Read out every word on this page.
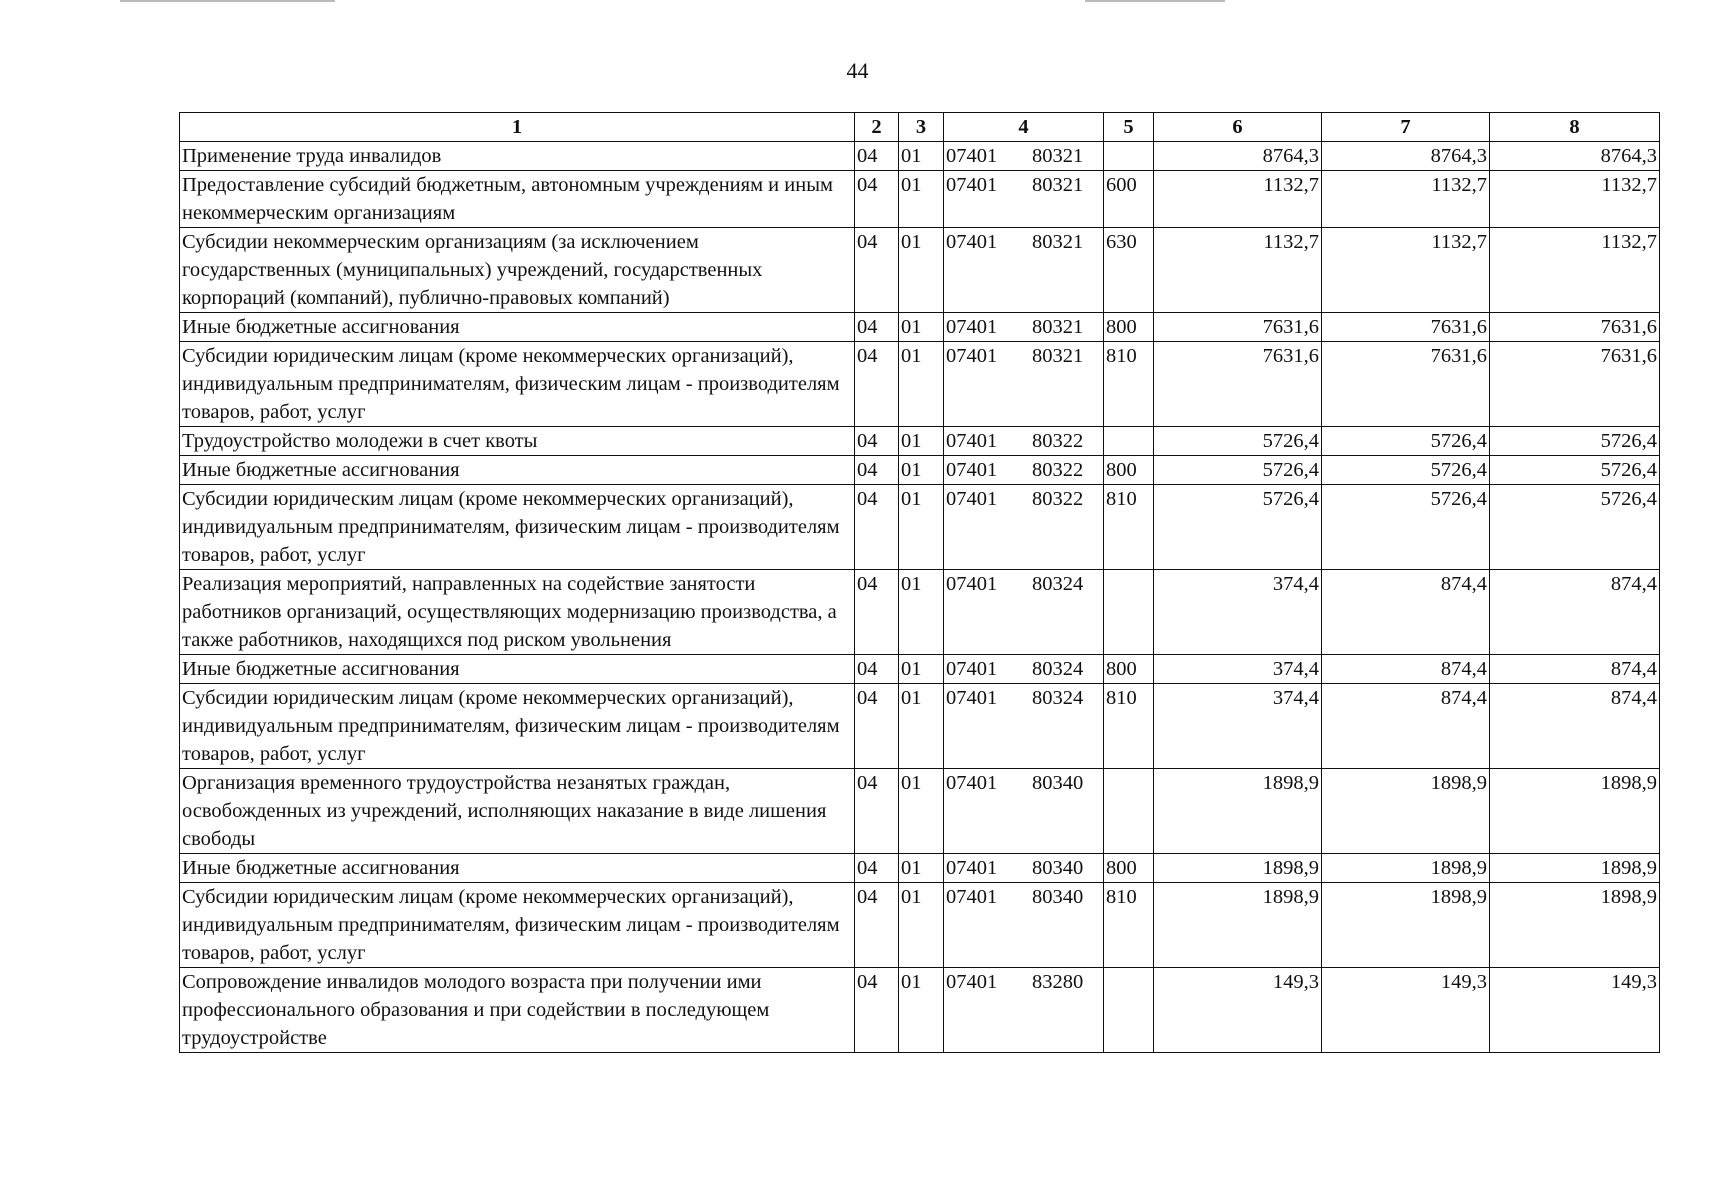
44
1	2	3	4	5	6	7	8
Применение труда инвалидов	04	01	07401 80321		8764,3	8764,3	8764,3
Предоставление субсидий бюджетным, автономным учреждениям и иным некоммерческим организациям	04	01	07401 80321	600	1132,7	1132,7	1132,7
Субсидии некоммерческим организациям (за исключением государственных (муниципальных) учреждений, государственных корпораций (компаний), публично-правовых компаний)	04	01	07401 80321	630	1132,7	1132,7	1132,7
Иные бюджетные ассигнования	04	01	07401 80321	800	7631,6	7631,6	7631,6
Субсидии юридическим лицам (кроме некоммерческих организаций), индивидуальным предпринимателям, физическим лицам - производителям товаров, работ, услуг	04	01	07401 80321	810	7631,6	7631,6	7631,6
Трудоустройство молодежи в счет квоты	04	01	07401 80322		5726,4	5726,4	5726,4
Иные бюджетные ассигнования	04	01	07401 80322	800	5726,4	5726,4	5726,4
Субсидии юридическим лицам (кроме некоммерческих организаций), индивидуальным предпринимателям, физическим лицам - производителям товаров, работ, услуг	04	01	07401 80322	810	5726,4	5726,4	5726,4
Реализация мероприятий, направленных на содействие занятости работников организаций, осуществляющих модернизацию производства, а также работников, находящихся под риском увольнения	04	01	07401 80324		374,4	874,4	874,4
Иные бюджетные ассигнования	04	01	07401 80324	800	374,4	874,4	874,4
Субсидии юридическим лицам (кроме некоммерческих организаций), индивидуальным предпринимателям, физическим лицам - производителям товаров, работ, услуг	04	01	07401 80324	810	374,4	874,4	874,4
Организация временного трудоустройства незанятых граждан, освобожденных из учреждений, исполняющих наказание в виде лишения свободы	04	01	07401 80340		1898,9	1898,9	1898,9
Иные бюджетные ассигнования	04	01	07401 80340	800	1898,9	1898,9	1898,9
Субсидии юридическим лицам (кроме некоммерческих организаций), индивидуальным предпринимателям, физическим лицам - производителям товаров, работ, услуг	04	01	07401 80340	810	1898,9	1898,9	1898,9
Сопровождение инвалидов молодого возраста при получении ими профессионального образования и при содействии в последующем трудоустройстве	04	01	07401 83280		149,3	149,3	149,3
